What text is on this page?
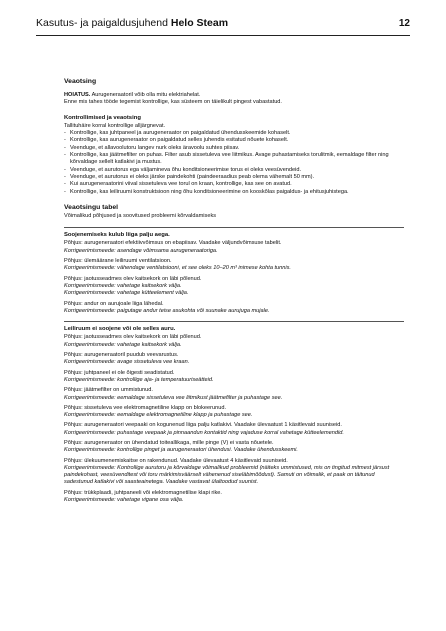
Kasutus- ja paigaldusjuhend Helo Steam	12
Veaotsing

HOIATUS. Aurugeneraatoril võib olla mitu elektriahelat.

Enne mis tahes tööde tegemist kontrollige, kas süsteem on täielikult pingest vabastatud.

Kontrollimised ja veaotsing

Tallituhäire korral kontrollige alljärgnevat.

- Kontrollige, kas juhtpaneel ja aurugeneraator on paigaldatud ühendusskeemide kohaselt.
- Kontrollige, kas aurugeneraator on paigaldatud selles juhendis esitatud nõuete kohaselt.
- Veenduge, et allavoolutoru langev nurk oleks äravoolu suhtes piisav.
- Kontrollige, kas jäätmefilter on puhas. Filter asub sissetuleva vee liitmikus. Avage puhastamiseks torulitmik, eemaldage filter ning kõrvaldage sellelt katlakivi ja mustus.
- Veenduge, et aurutorus ega väljaminevа õhu konditsioneerimise torus ei oleks veesüvendeid.
- Veenduge, et aurutorus ei oleks järske paindekohti (paindeeraadius peab olema vähemalt 50 mm).
- Kui aurugeneraatorini viival sissetuleva vee torul on kraan, kontrollige, kas see on avatud.
- Kontrollige, kas leiliruumi konstruktsioon ning õhu konditsioneerimine on kooskõlas paigaldus- ja ehitusjuhistega.
Veaotsingu tabel

Võimalikud põhjused ja soovitused probleemi kõrvaldamiseks

Soojenemiseks kulub liiga palju aega.
Põhjus: aurugeneraatori efektiivvõimsus on ebapiisav. Vaadake väljundvõimsuse tabelit.
Korrigeerimismeede: asendage võimsama aurugeneraatoriga.
Põhjus: ülemäärane leiliruumi ventilatsioon.
Korrigeerimismeede: vähendage ventilatsiooni, et see oleks 10–20 m³ inimese kohta tunnis.
Põhjus: jaotusseadmes olev kaitsekork on läbi põlenud.
Korrigeerimismeede: vahetage kaitsekork välja.
Korrigeerimismeede: vahetage kütteelement välja.
Põhjus: andur on aurujoale liiga lähedal.
Korrigeerimismeede: paigutage andur teise asukohta või suunake aurujuga mujale.
Leiliruum ei soojene või ole selles auru.
Põhjus: jaotusseadmes olev kaitsekork on läbi põlenud.
Korrigeerimismeede: vahetage kaitsekork välja.
Põhjus: aurugeneraatoril puudub veevarustus.
Korrigeerimismeede: avage sissetuleva vee kraan.
Põhjus: juhtpaneel ei ole õigesti seadistatud.
Korrigeerimismeede: kontrollige aja- ja temperatuuriseätteid.
Põhjus: jäätmefilter on ummistunud.
Korrigeerimismeede: eemaldage sissetuleva vee liitmikust jäätmefilter ja puhastage see.
Põhjus: sissetuleva vee elektromagnetiline klapp on blokeerunud.
Korrigeerimismeede: eemaldage elektromagnetiline klapp ja puhastage see.
Põhjus: aurugeneraatori veepaaki on kogunenud liiga palju katlakivi. Vaadake ülevaatust 1 käsitlevaid suuniseid.
Korrigeerimismeede: puhastage veepaak ja pinnaandun kontaktid ning vajaduse korral vahetage kütteelemendid.
Põhjus: aurugeneraator on ühendatud toiteallikaga, mille pinge (V) ei vasta nõuetele.
Korrigeerimismeede: kontrollige pinget ja aurugeneraatori ühendusi. Vaadake ühendusskeemi.
Põhjus: ülekuumenemiskaitse on rakendunud. Vaadake ülevaatust 4 käsitlevaid suuniseid.
Korrigeerimismeede: Kontrollige aurutoru ja kõrvaldage võimalikud probleemid (näiteks ummistused, mis on tingitud mitmest järsust paindekohast, veesüvenditest või toru märkimisväärselt vähenenud siseläbimõõdust). Samuti on võimalik, et paak on täitunud sadestunud katlakivi või saasteainetega. Vaadake vastavat ülaltoodud suunist.
Põhjus: trükkplaadi, juhtpaneeli või elektromagnetilise klapi rike.
Korrigeerimismeede: vahetage vigane osa välja.
